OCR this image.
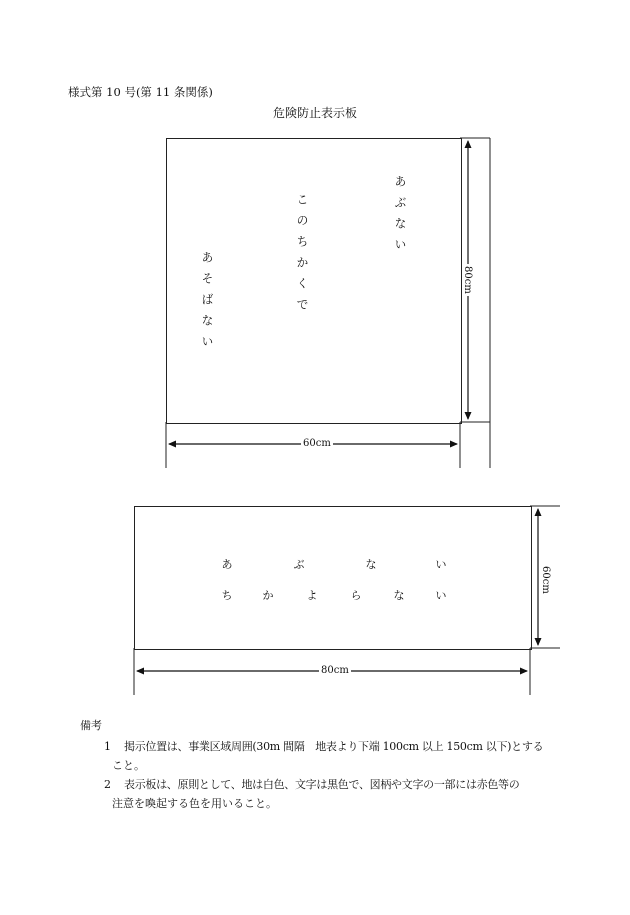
様式第 10 号(第 11 条関係)
危険防止表示板
あぶない
このちかくで
あそばない	80cm
60cm
あ	ぶ	な	い
ち	か	よ	ら	な	い
60cm
80cm
備考
1 掲示位置は、事業区域周囲(30m 間隔　地表より下端 100cm 以上 150cm 以下)とする
こと。
2 表示板は、原則として、地は白色、文字は黒色で、図柄や文字の一部には赤色等の
注意を喚起する色を用いること。
